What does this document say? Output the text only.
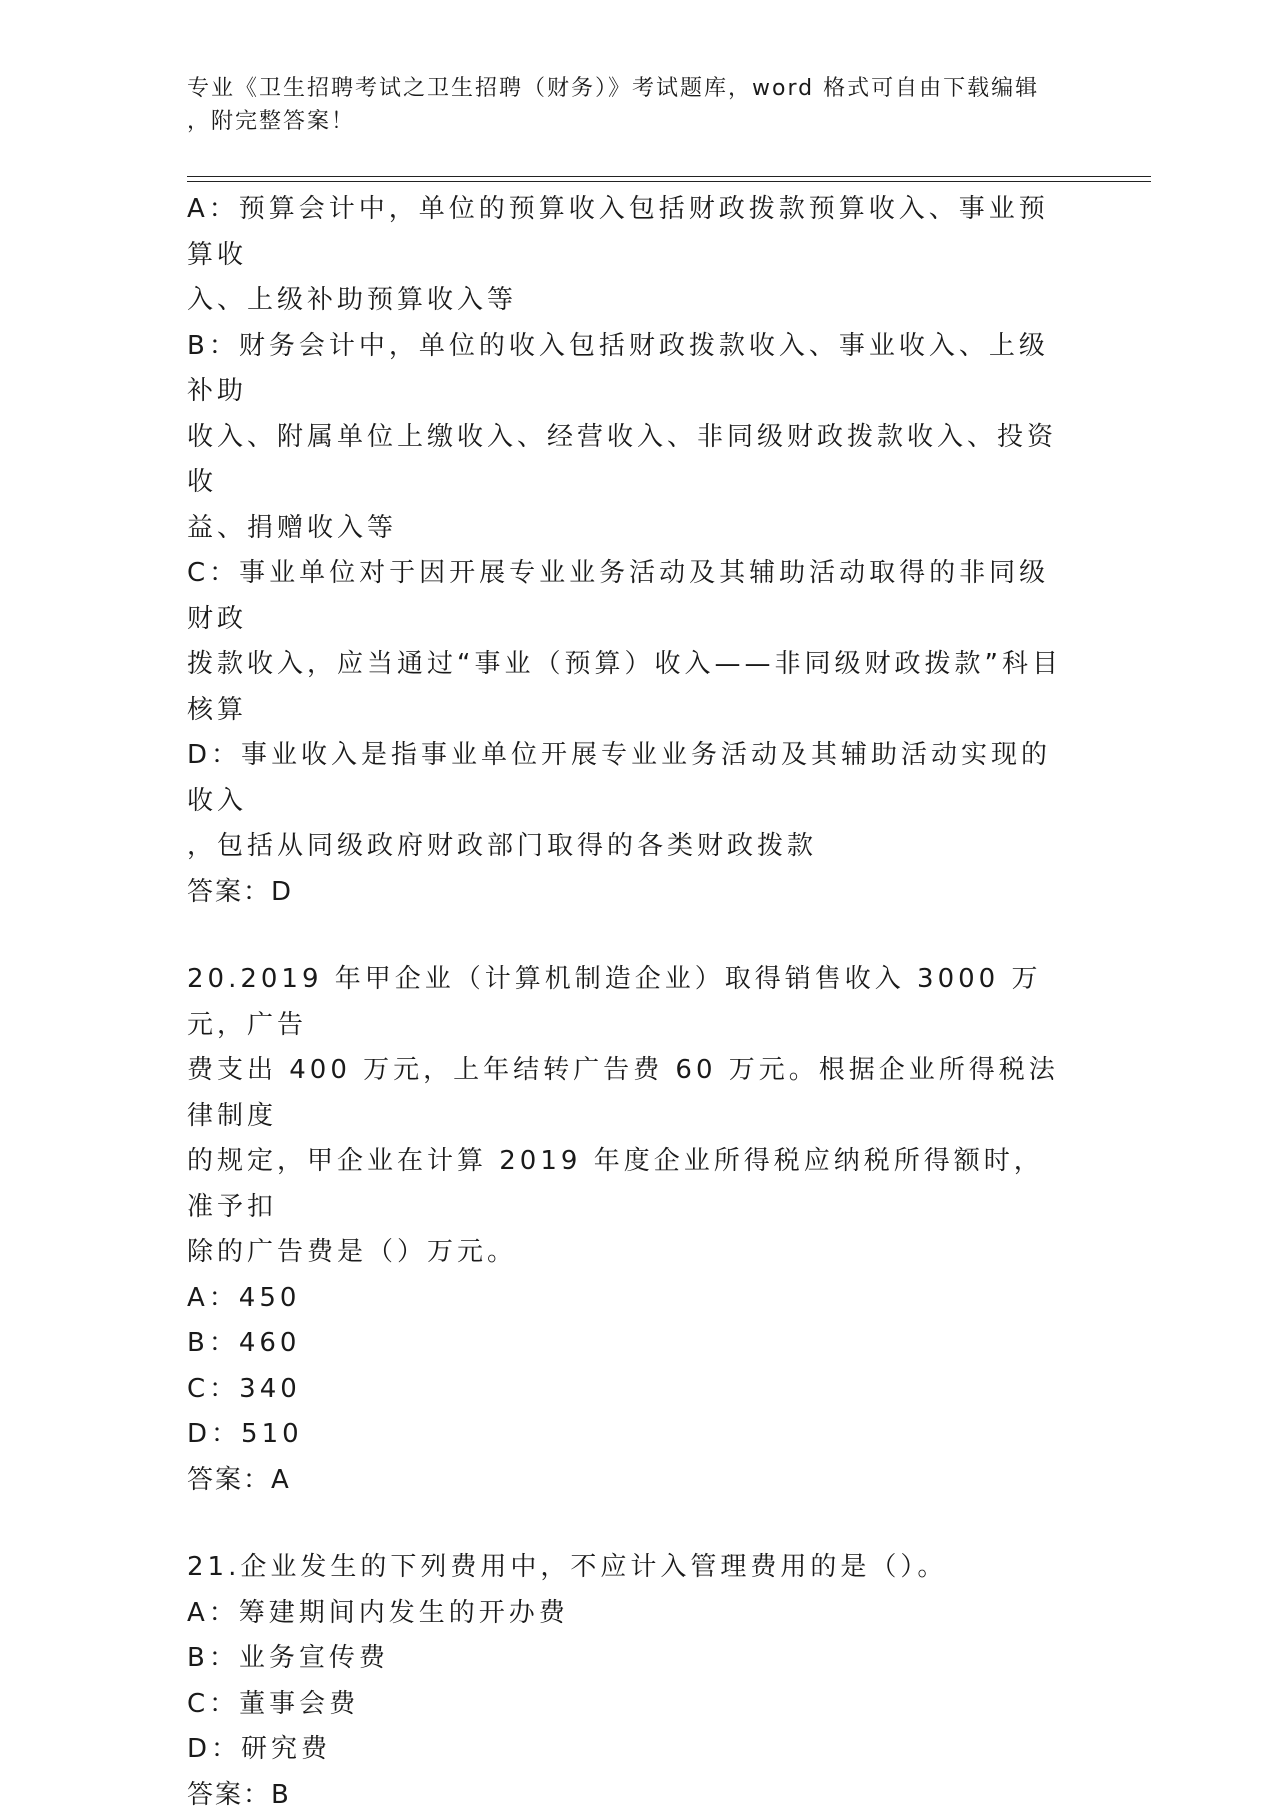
专业《卫生招聘考试之卫生招聘（财务）》考试题库，word 格式可自由下载编辑
，附完整答案！
A：预算会计中，单位的预算收入包括财政拨款预算收入、事业预算收
入、上级补助预算收入等
B：财务会计中，单位的收入包括财政拨款收入、事业收入、上级补助
收入、附属单位上缴收入、经营收入、非同级财政拨款收入、投资收
益、捐赠收入等
C：事业单位对于因开展专业业务活动及其辅助活动取得的非同级财政
拨款收入，应当通过“事业（预算）收入——非同级财政拨款”科目
核算
D：事业收入是指事业单位开展专业业务活动及其辅助活动实现的收入
，包括从同级政府财政部门取得的各类财政拨款
答案：D
20.2019 年甲企业（计算机制造企业）取得销售收入 3000 万元，广告
费支出 400 万元，上年结转广告费 60 万元。根据企业所得税法律制度
的规定，甲企业在计算 2019 年度企业所得税应纳税所得额时，准予扣
除的广告费是（）万元。
A：450
B：460
C：340
D：510
答案：A
21.企业发生的下列费用中，不应计入管理费用的是（）。
A：筹建期间内发生的开办费
B：业务宣传费
C：董事会费
D：研究费
答案：B
